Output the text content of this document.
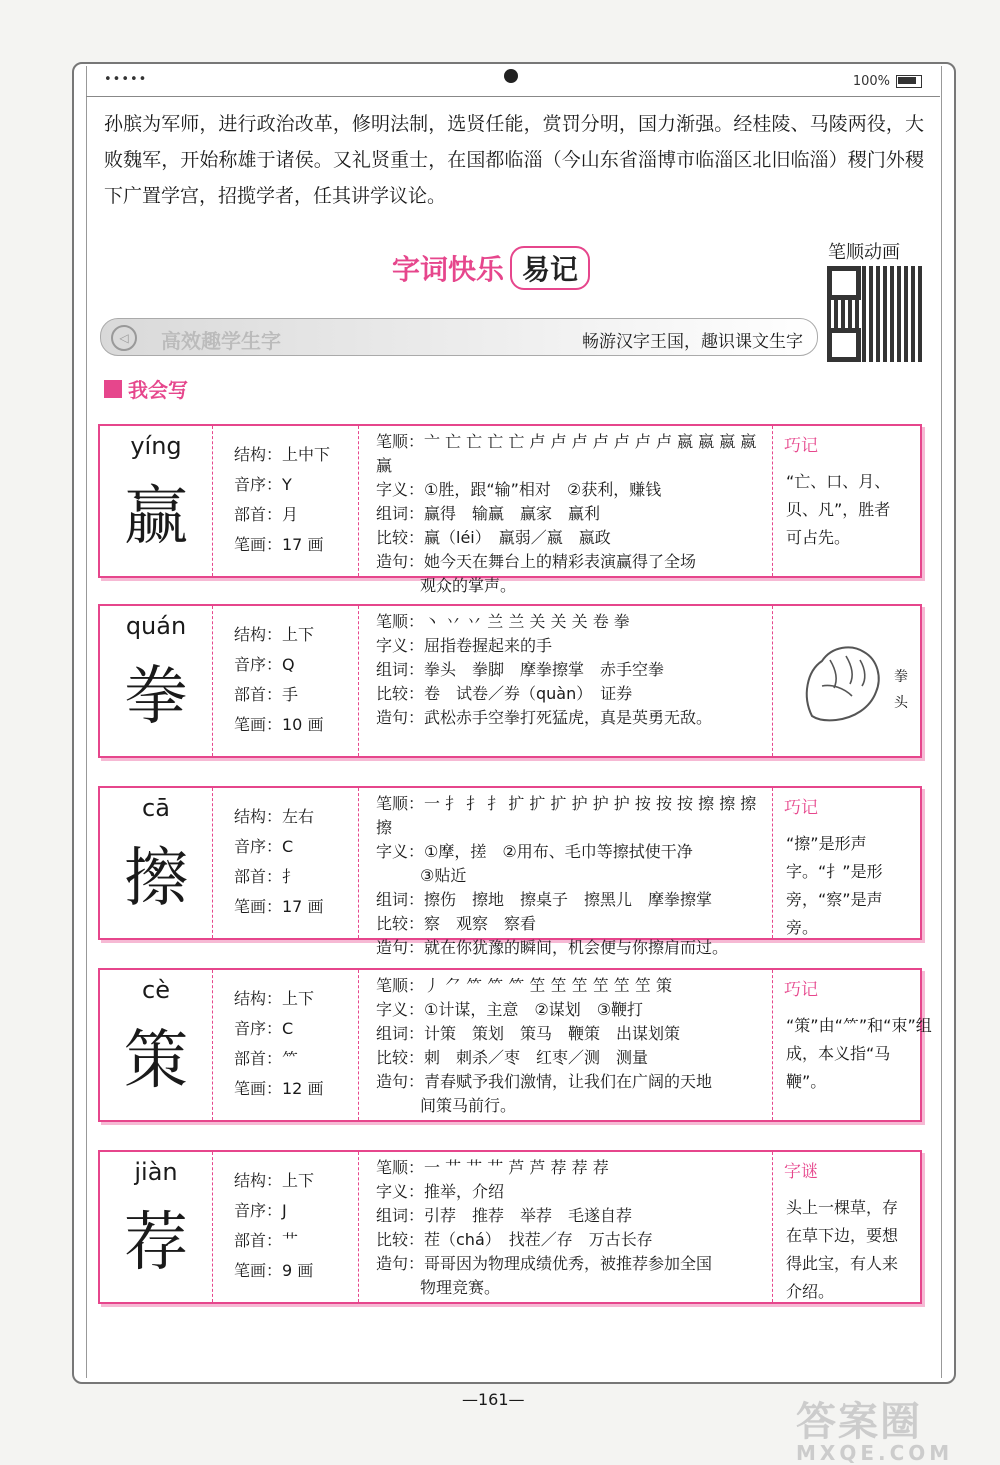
•••••	100%
孙膑为军师，进行政治改革，修明法制，选贤任能，赏罚分明，国力渐强。经桂陵、马陵两役，大败魏军，开始称雄于诸侯。又礼贤重士，在国都临淄（今山东省淄博市临淄区北旧临淄）稷门外稷下广置学宫，招揽学者，任其讲学议论。
字词快乐 易记
笔顺动画
◁	高效趣学生字	畅游汉字王国，趣识课文生字
我会写
yíng
赢
结构：上中下
音序：Y
部首：月
笔画：17 画
笔顺：亠 亡 亡 亡 亡 卢 卢 卢 卢 卢 卢 卢 嬴 嬴 嬴 嬴 赢
字义：①胜，跟“输”相对　②获利，赚钱
组词：赢得　输赢　赢家　赢利
比较：赢（léi）　羸弱／嬴　嬴政
造句：她今天在舞台上的精彩表演赢得了全场
观众的掌声。
巧记
“亡、口、月、贝、凡”，胜者可占先。
quán
拳
结构：上下
音序：Q
部首：手
笔画：10 画
笔顺：丶 丷 丷 兰 兰 关 关 关 卷 拳
字义：屈指卷握起来的手
组词：拳头　拳脚　摩拳擦掌　赤手空拳
比较：卷　试卷／券（quàn）　证券
造句：武松赤手空拳打死猛虎，真是英勇无敌。
拳头
cā
擦
结构：左右
音序：C
部首：扌
笔画：17 画
笔顺：一 扌 扌 扌 扩 扩 扩 护 护 护 按 按 按 擦 擦 擦 擦
字义：①摩，搓　②用布、毛巾等擦拭使干净
③贴近
组词：擦伤　擦地　擦桌子　擦黑儿　摩拳擦掌
比较：察　观察　察看
造句：就在你犹豫的瞬间，机会便与你擦肩而过。
巧记
“擦”是形声字。“扌”是形旁，“察”是声旁。
cè
策
结构：上下
音序：C
部首：⺮
笔画：12 画
笔顺：丿 ⺈ ⺮ ⺮ ⺮ 笁 笁 笁 笁 笁 笁 策
字义：①计谋，主意　②谋划　③鞭打
组词：计策　策划　策马　鞭策　出谋划策
比较：刺　刺杀／枣　红枣／测　测量
造句：青春赋予我们激情，让我们在广阔的天地
间策马前行。
巧记
“策”由“⺮”和“朿”组成，本义指“马鞭”。
jiàn
荐
结构：上下
音序：J
部首：艹
笔画：9 画
笔顺：一 艹 艹 艹 芦 芦 荐 荐 荐
字义：推举，介绍
组词：引荐　推荐　举荐　毛遂自荐
比较：茬（chá）　找茬／存　万古长存
造句：哥哥因为物理成绩优秀，被推荐参加全国
物理竞赛。
字谜
头上一棵草，存在草下边，要想得此宝，有人来介绍。
—161—	答案圈
MXQE.COM
